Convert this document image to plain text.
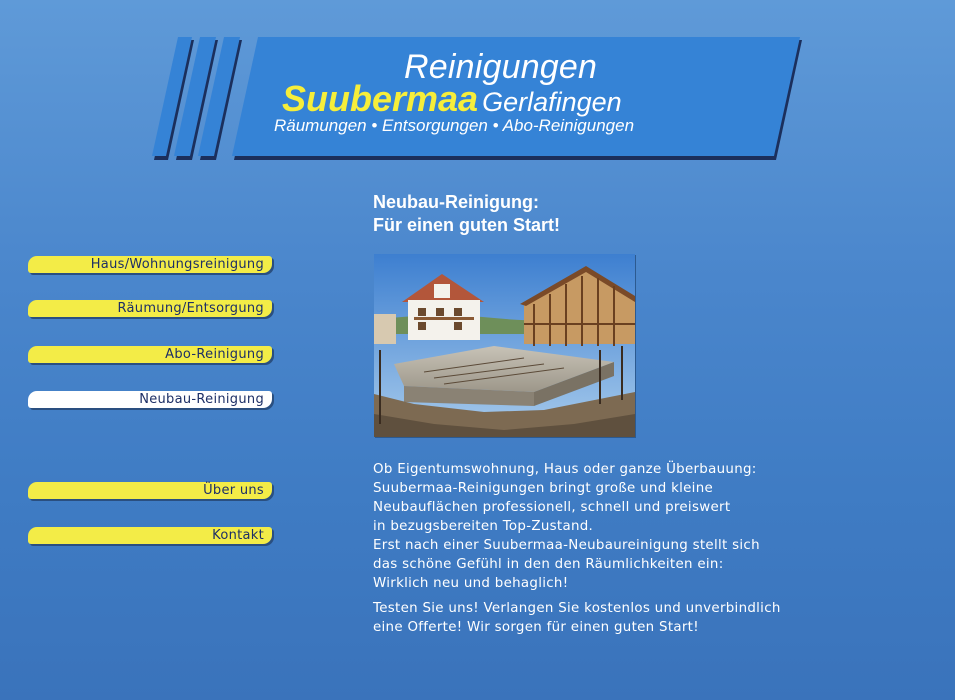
Reinigungen
Suubermaa Gerlafingen
Räumungen • Entsorgungen • Abo-Reinigungen
Haus/Wohnungsreinigung
Räumung/Entsorgung
Abo-Reinigung
Neubau-Reinigung
Über uns
Kontakt
Neubau-Reinigung:
Für einen guten Start!

Ob Eigentumswohnung, Haus oder ganze Überbauung:
Suubermaa-Reinigungen bringt große und kleine
Neubauflächen professionell, schnell und preiswert
in bezugsbereiten Top-Zustand.
Erst nach einer Suubermaa-Neubaureinigung stellt sich
das schöne Gefühl in den den Räumlichkeiten ein:
Wirklich neu und behaglich!

Testen Sie uns! Verlangen Sie kostenlos und unverbindlich
eine Offerte! Wir sorgen für einen guten Start!
